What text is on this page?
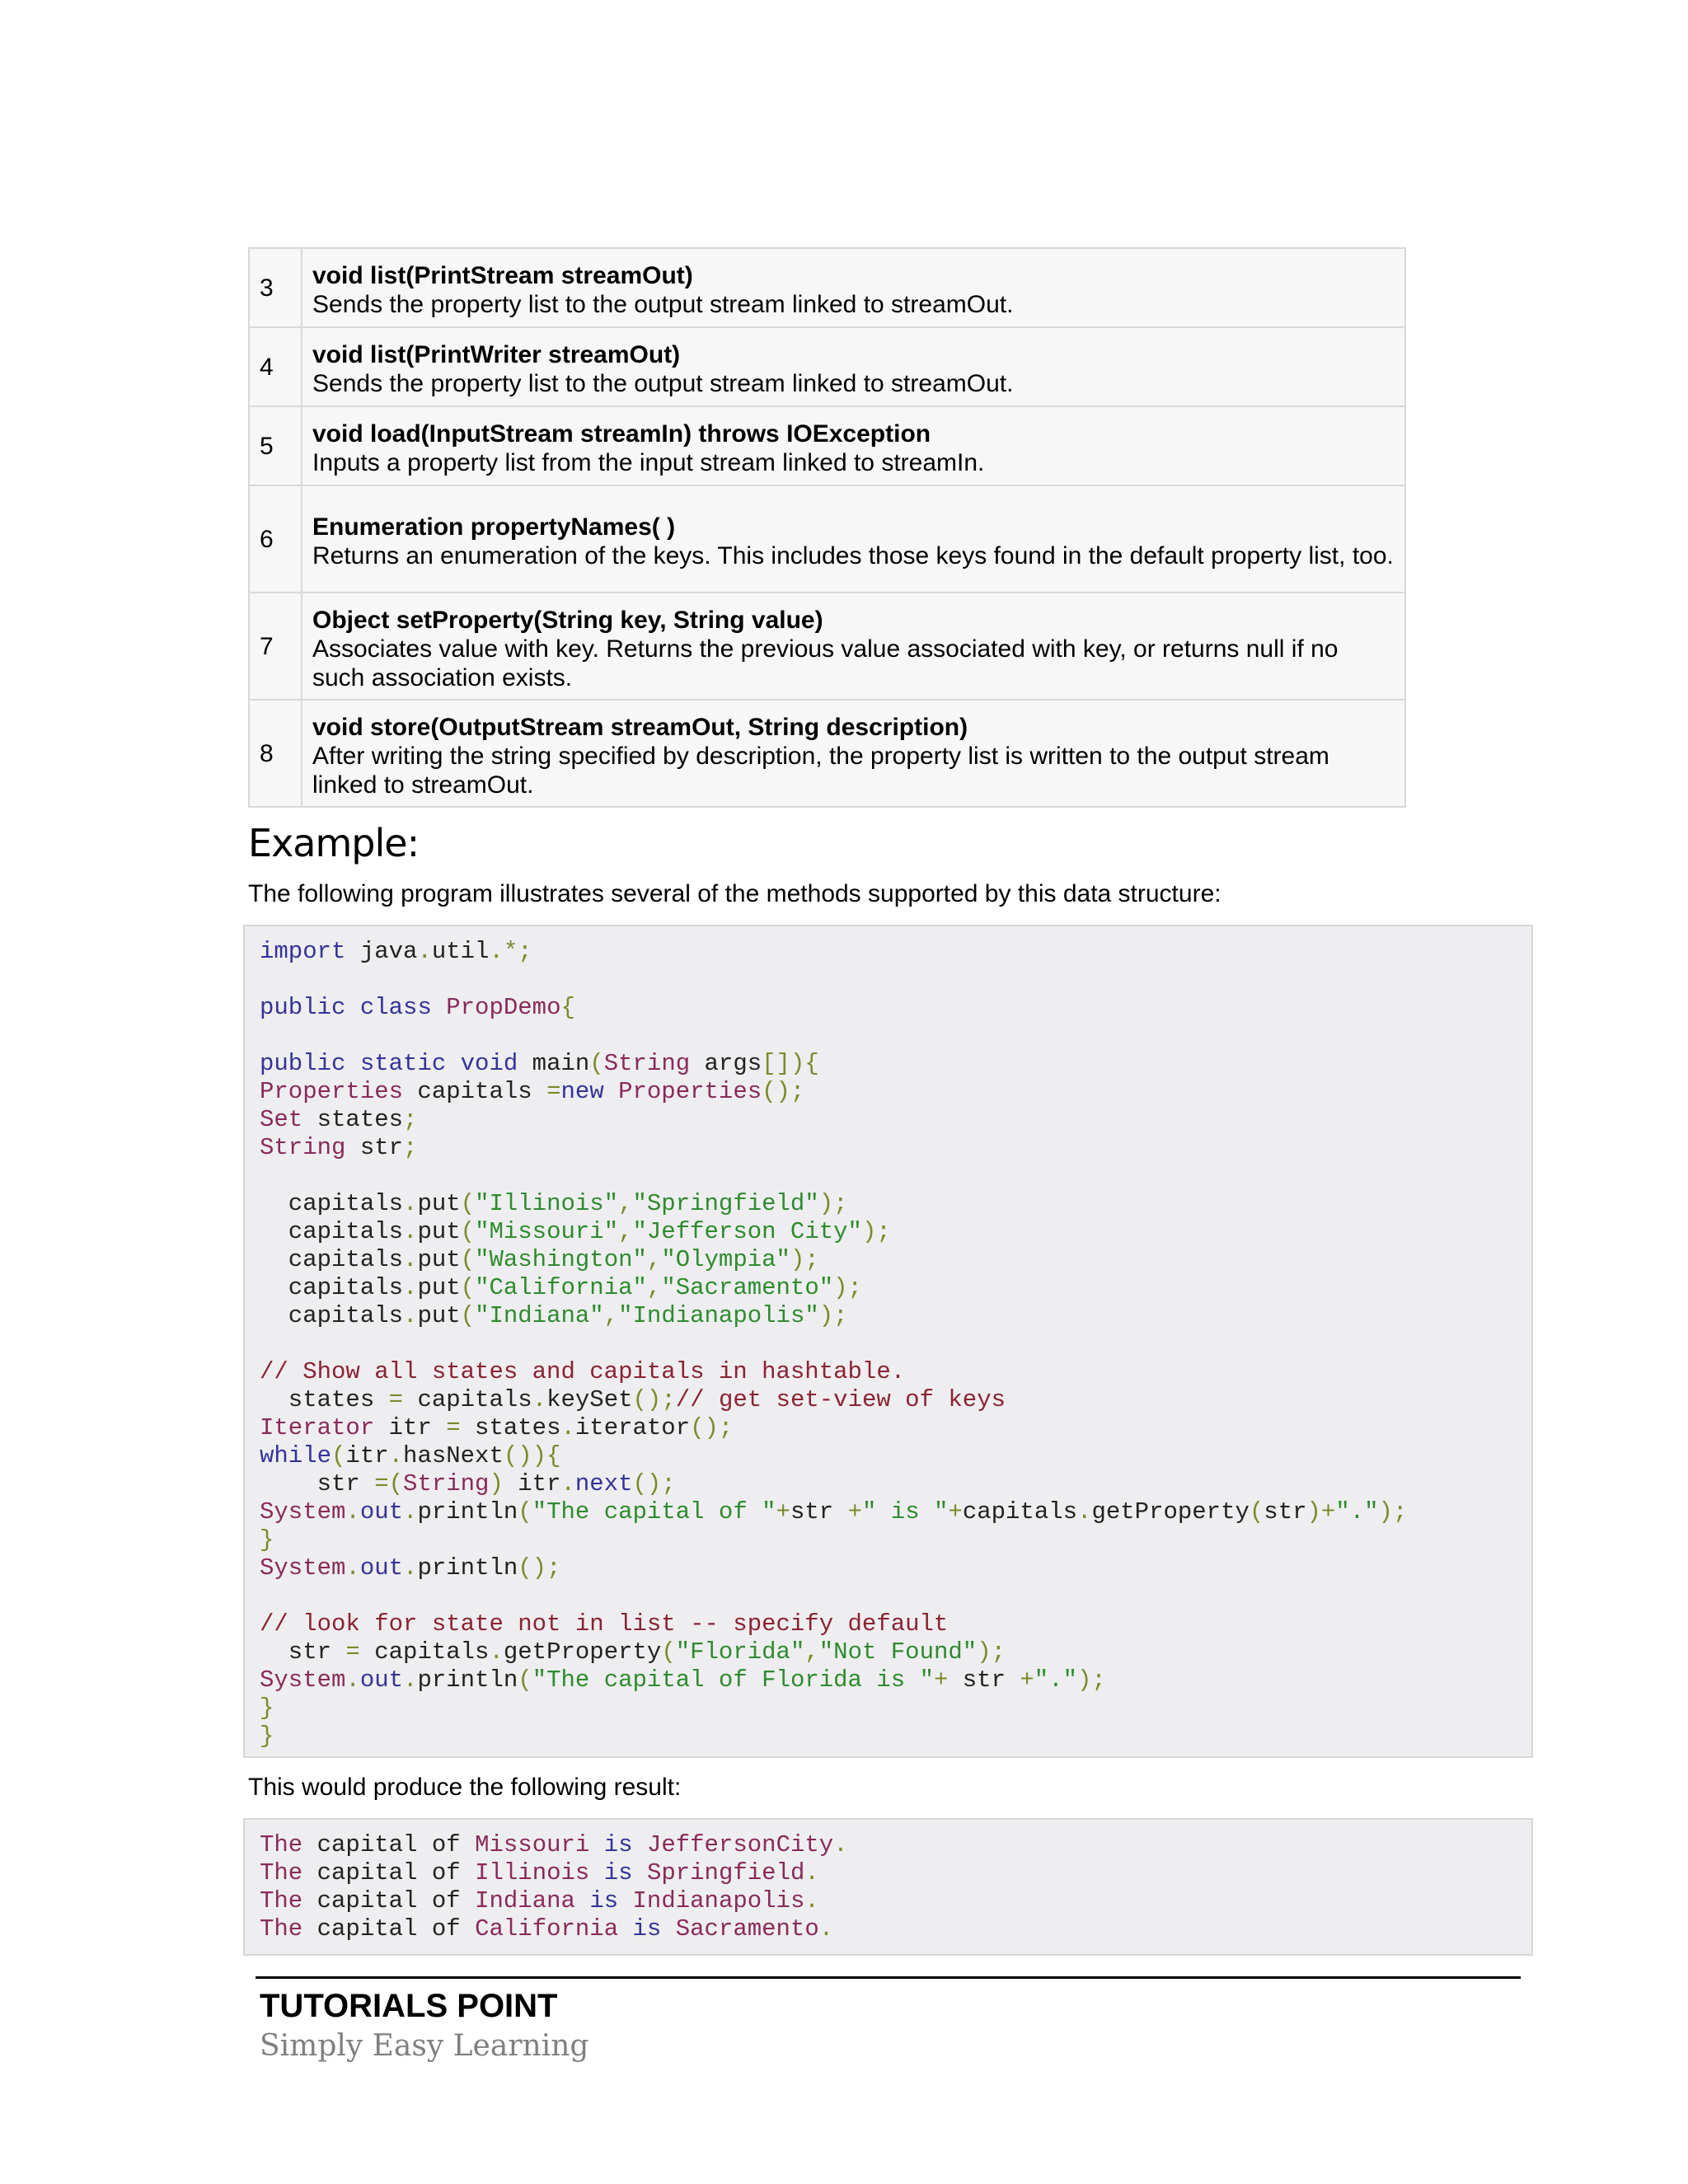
3	void list(PrintStream streamOut)
Sends the property list to the output stream linked to streamOut.

4	void list(PrintWriter streamOut)
Sends the property list to the output stream linked to streamOut.

5	void load(InputStream streamIn) throws IOException
Inputs a property list from the input stream linked to streamIn.

6	Enumeration propertyNames( )
Returns an enumeration of the keys. This includes those keys found in the default property list, too.

7	Object setProperty(String key, String value)
Associates value with key. Returns the previous value associated with key, or returns null if no such association exists.

8	void store(OutputStream streamOut, String description)
After writing the string specified by description, the property list is written to the output stream linked to streamOut.
Example:

The following program illustrates several of the methods supported by this data structure:

import java.util.*;
public class PropDemo{
public static void main(String args[]){
Properties capitals =new Properties();
Set states;
String str;
capitals.put("Illinois","Springfield");
capitals.put("Missouri","Jefferson City");
capitals.put("Washington","Olympia");
capitals.put("California","Sacramento");
capitals.put("Indiana","Indianapolis");
// Show all states and capitals in hashtable.
states = capitals.keySet();// get set-view of keys
Iterator itr = states.iterator();
while(itr.hasNext()){
str =(String) itr.next();
System.out.println("The capital of "+str +" is "+capitals.getProperty(str)+".");
}
System.out.println();
// look for state not in list -- specify default
str = capitals.getProperty("Florida","Not Found");
System.out.println("The capital of Florida is "+ str +".");
}
}

This would produce the following result:

The capital of Missouri is JeffersonCity.
The capital of Illinois is Springfield.
The capital of Indiana is Indianapolis.
The capital of California is Sacramento.
TUTORIALS POINT
Simply Easy Learning
